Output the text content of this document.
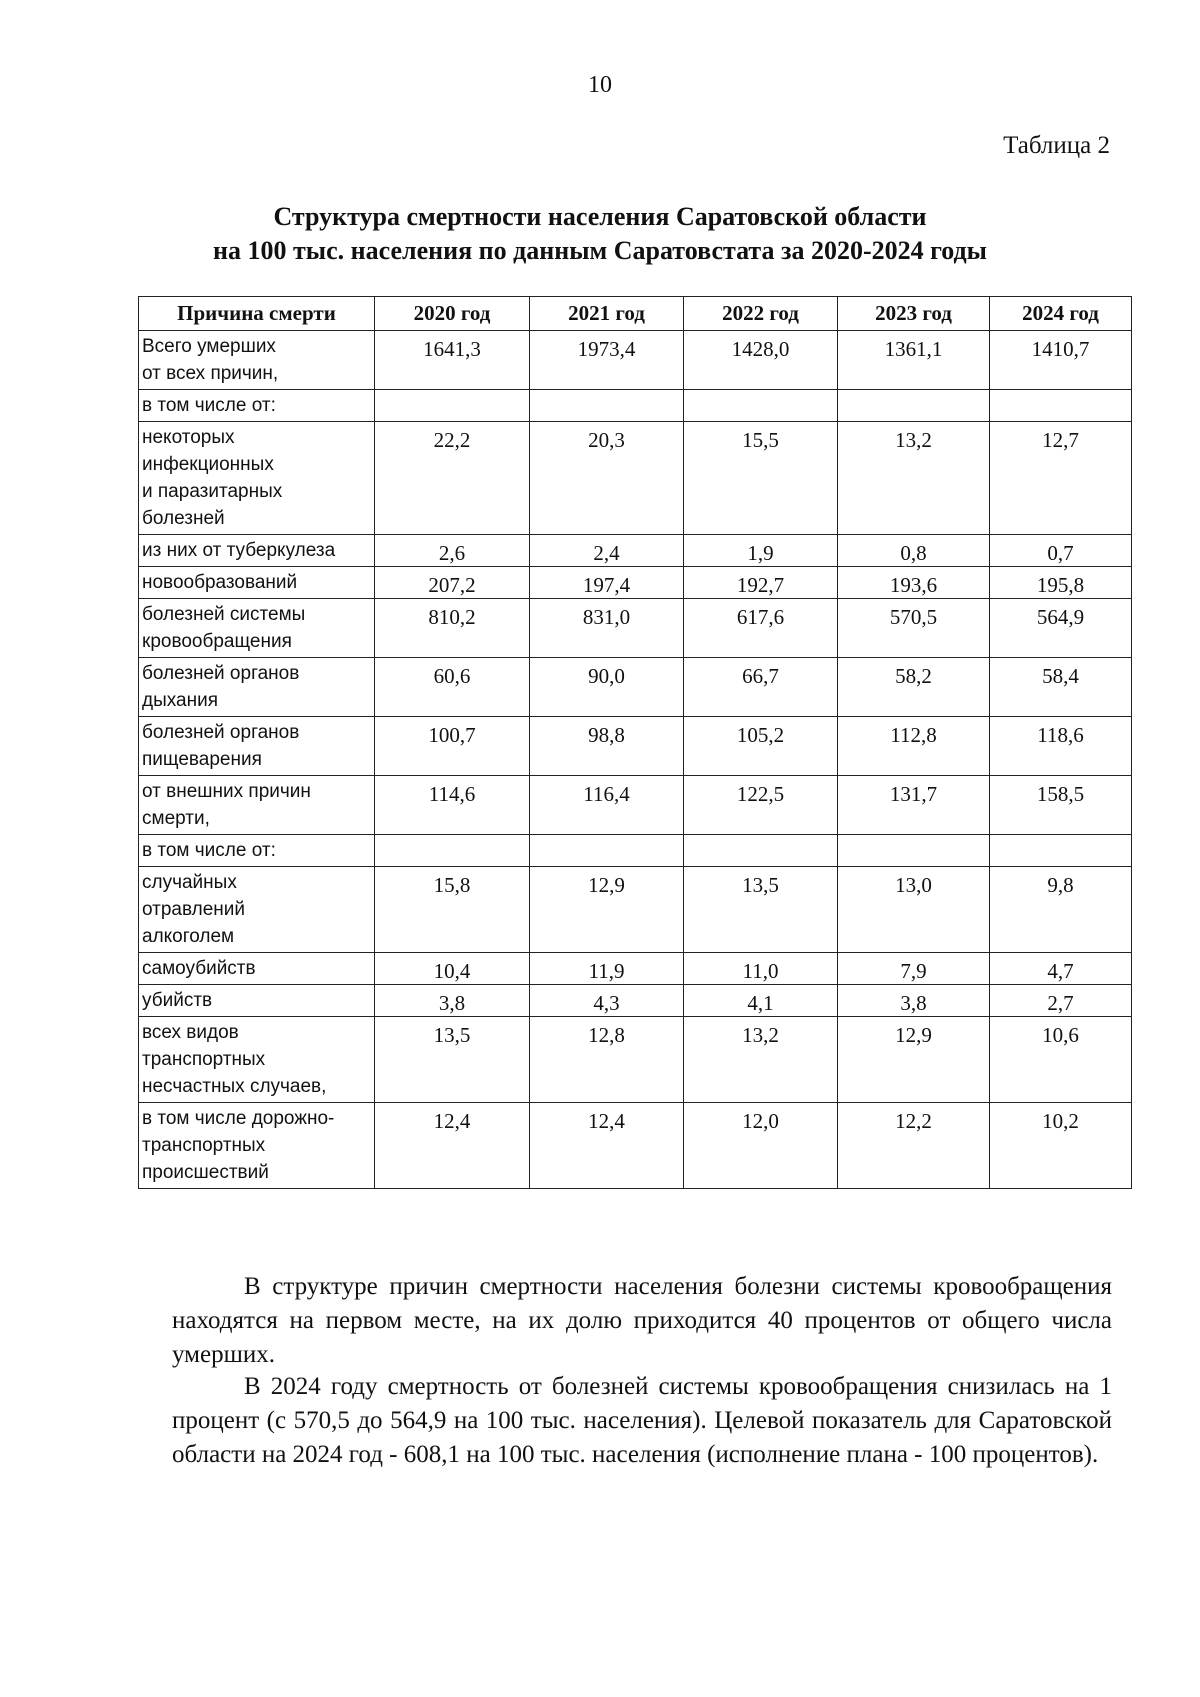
10
Таблица 2
Структура смертности населения Саратовской области
на 100 тыс. населения по данным Саратовстата за 2020-2024 годы
Причина смерти	2020 год	2021 год	2022 год	2023 год	2024 год
Всего умерших
от всех причин,	1641,3	1973,4	1428,0	1361,1	1410,7
в том числе от:					
некоторых
инфекционных
и паразитарных
болезней	22,2	20,3	15,5	13,2	12,7
из них от туберкулеза	2,6	2,4	1,9	0,8	0,7
новообразований	207,2	197,4	192,7	193,6	195,8
болезней системы
кровообращения	810,2	831,0	617,6	570,5	564,9
болезней органов
дыхания	60,6	90,0	66,7	58,2	58,4
болезней органов
пищеварения	100,7	98,8	105,2	112,8	118,6
от внешних причин
смерти,	114,6	116,4	122,5	131,7	158,5
в том числе от:					
случайных
отравлений
алкоголем	15,8	12,9	13,5	13,0	9,8
самоубийств	10,4	11,9	11,0	7,9	4,7
убийств	3,8	4,3	4,1	3,8	2,7
всех видов
транспортных
несчастных случаев,	13,5	12,8	13,2	12,9	10,6
в том числе дорожно-
транспортных
происшествий	12,4	12,4	12,0	12,2	10,2
В структуре причин смертности населения болезни системы кровообращения находятся на первом месте, на их долю приходится 40 процентов от общего числа умерших.
В 2024 году смертность от болезней системы кровообращения снизилась на 1 процент (с 570,5 до 564,9 на 100 тыс. населения). Целевой показатель для Саратовской области на 2024 год - 608,1 на 100 тыс. населения (исполнение плана - 100 процентов).
